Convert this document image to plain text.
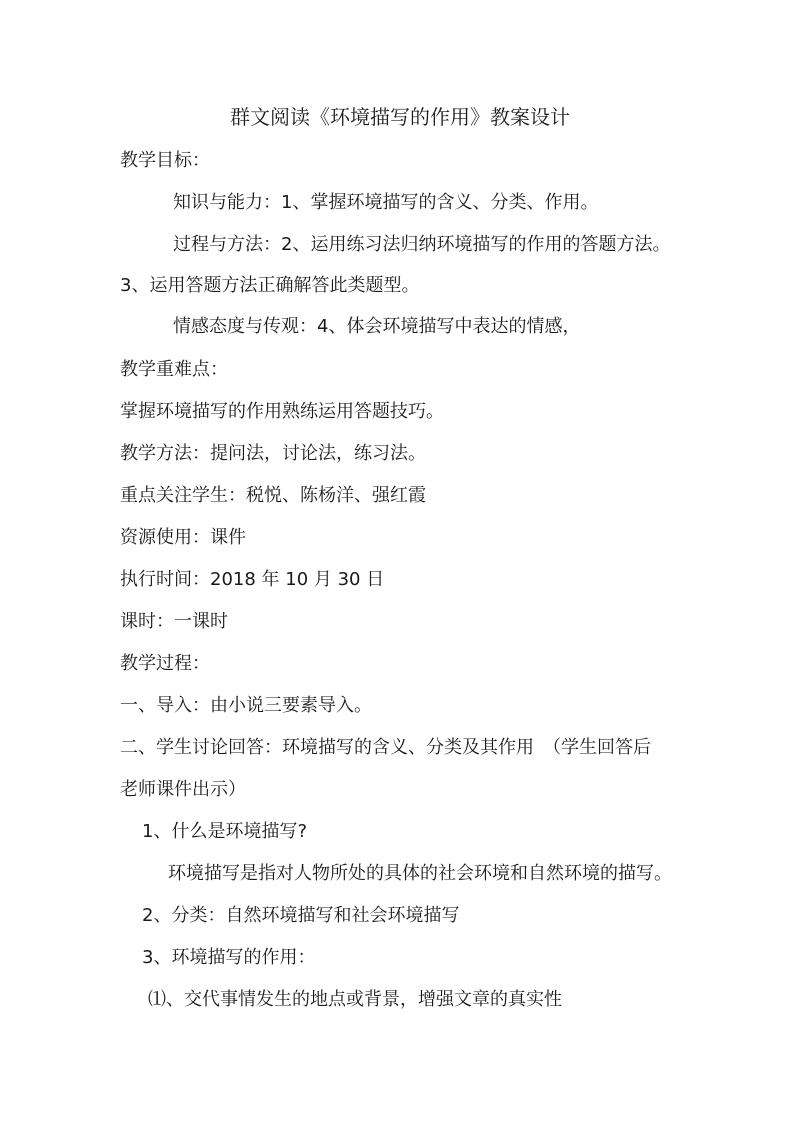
群文阅读《环境描写的作用》教案设计
教学目标：
知识与能力：1、掌握环境描写的含义、分类、作用。
过程与方法：2、运用练习法归纳环境描写的作用的答题方法。
3、运用答题方法正确解答此类题型。
情感态度与传观：4、体会环境描写中表达的情感，
教学重难点：
掌握环境描写的作用熟练运用答题技巧。
教学方法：提问法，讨论法，练习法。
重点关注学生：税悦、陈杨洋、强红霞
资源使用：课件
执行时间：2018 年 10 月 30 日
课时：一课时
教学过程：
一、导入：由小说三要素导入。
二、学生讨论回答：环境描写的含义、分类及其作用　（学生回答后
老师课件出示）
1、什么是环境描写?
环境描写是指对人物所处的具体的社会环境和自然环境的描写。
2、分类：自然环境描写和社会环境描写
3、环境描写的作用：
⑴、交代事情发生的地点或背景，增强文章的真实性
